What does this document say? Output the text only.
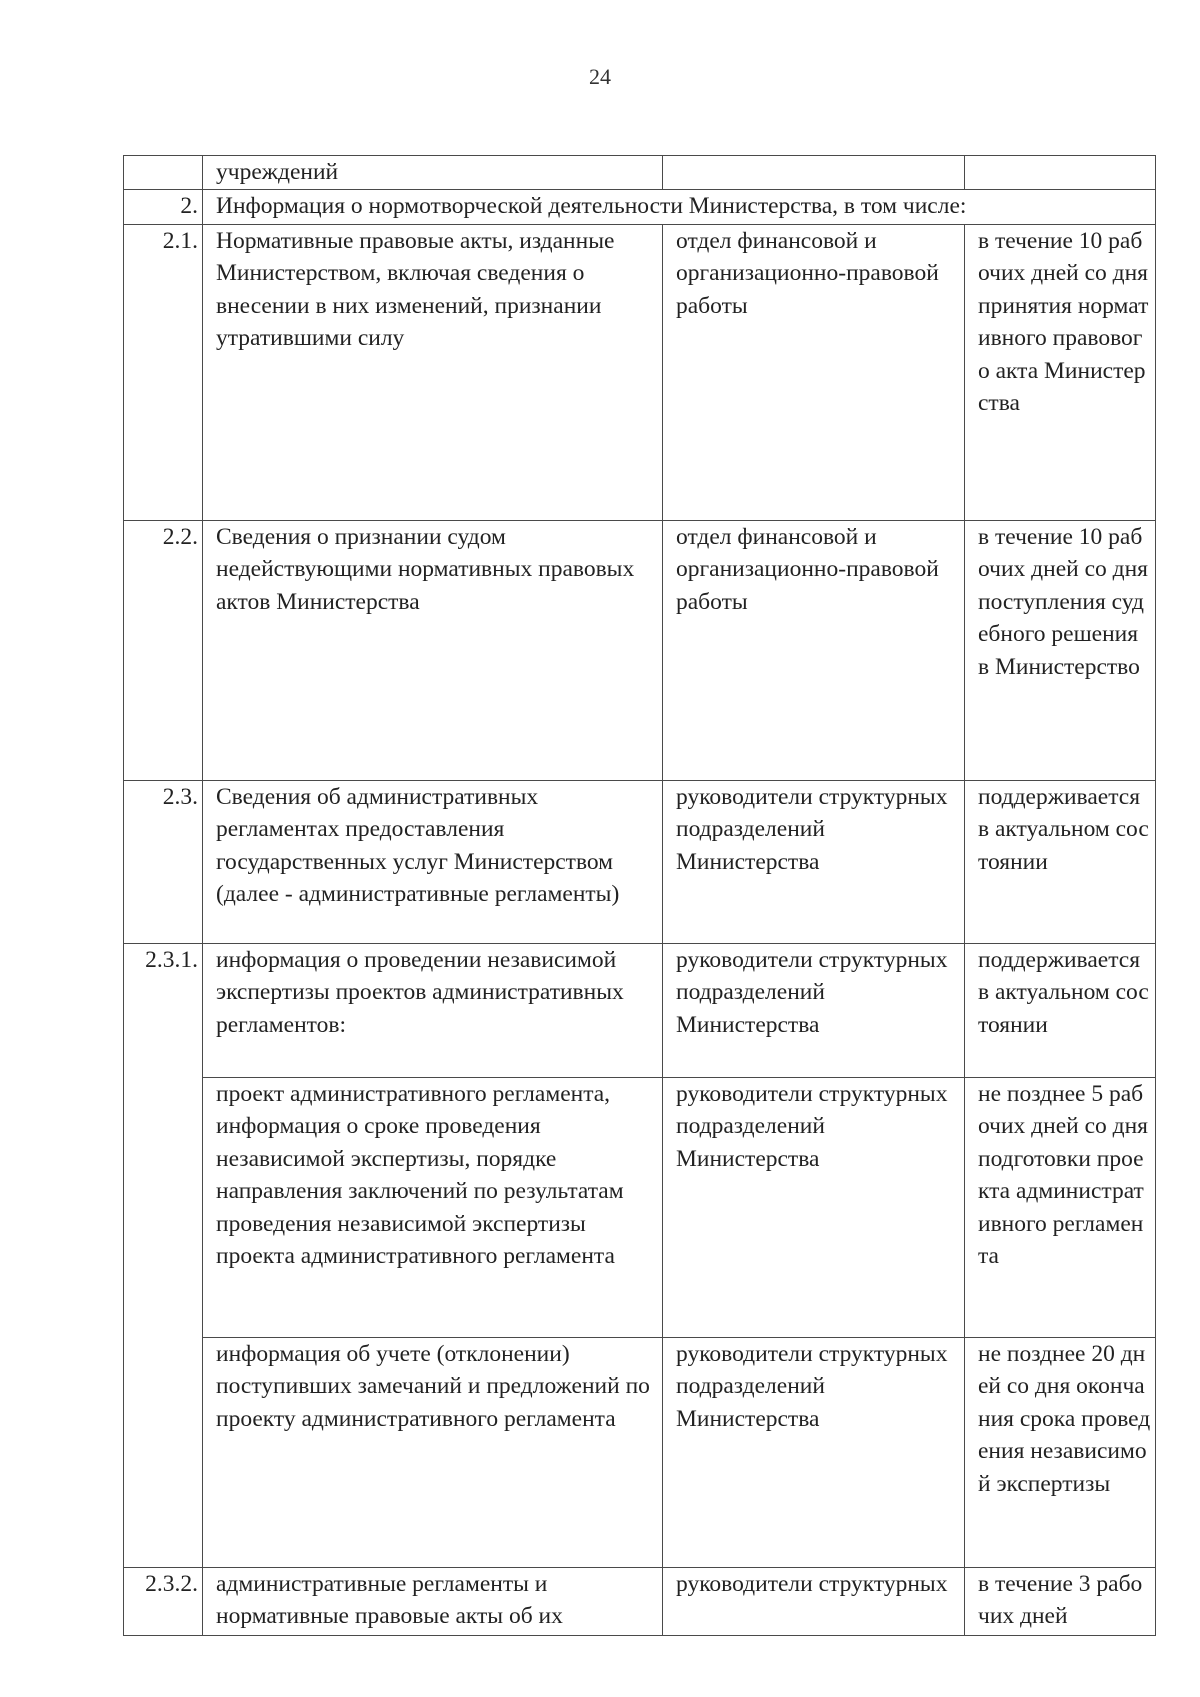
24
	учреждений		
2.	Информация о нормотворческой деятельности Министерства, в том числе:		
2.1.	Нормативные правовые акты, изданные Министерством, включая сведения о внесении в них изменений, признании утратившими силу	отдел финансовой и организационно-правовой работы	в течение 10 рабочих дней со дня принятия нормативного правового акта Министерства
2.2.	Сведения о признании судом недействующими нормативных правовых актов Министерства	отдел финансовой и организационно-правовой работы	в течение 10 рабочих дней со дня поступления судебного решения в Министерство
2.3.	Сведения об административных регламентах предоставления государственных услуг Министерством (далее - административные регламенты)	руководители структурных подразделений Министерства	поддерживается в актуальном состоянии
2.3.1.	информация о проведении независимой экспертизы проектов административных регламентов:	руководители структурных подразделений Министерства	поддерживается в актуальном состоянии
	проект административного регламента, информация о сроке проведения независимой экспертизы, порядке направления заключений по результатам проведения независимой экспертизы проекта административного регламента	руководители структурных подразделений Министерства	не позднее 5 рабочих дней со дня подготовки проекта административного регламента
	информация об учете (отклонении) поступивших замечаний и предложений по проекту административного регламента	руководители структурных подразделений Министерства	не позднее 20 дней со дня окончания срока проведения независимой экспертизы
2.3.2.	административные регламенты и нормативные правовые акты об их	руководители структурных	в течение 3 рабочих дней
